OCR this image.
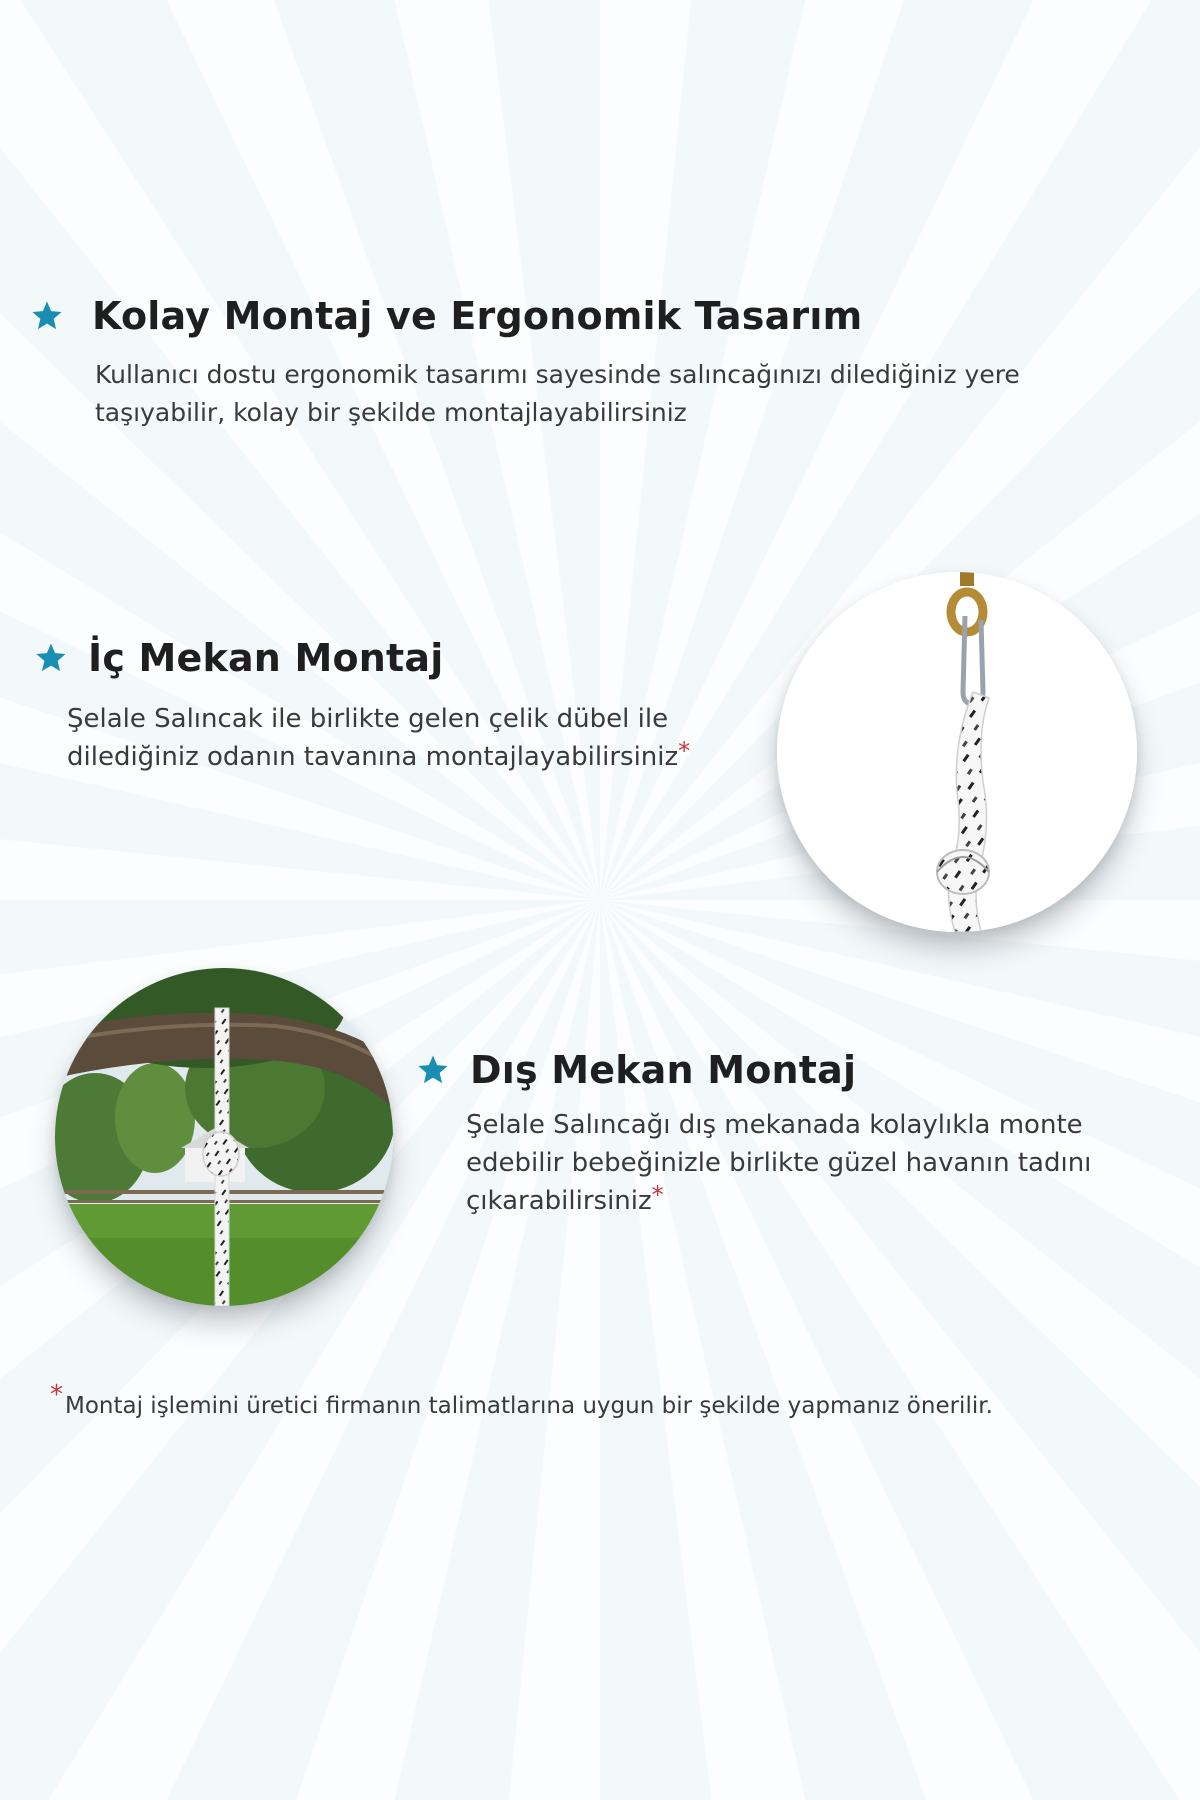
Kolay Montaj ve Ergonomik Tasarım
Kullanıcı dostu ergonomik tasarımı sayesinde salıncağınızı dilediğiniz yere
taşıyabilir, kolay bir şekilde montajlayabilirsiniz
İç Mekan Montaj
Şelale Salıncak ile birlikte gelen çelik dübel ile
dilediğiniz odanın tavanına montajlayabilirsiniz*
Dış Mekan Montaj
Şelale Salıncağı dış mekanada kolaylıkla monte
edebilir bebeğinizle birlikte güzel havanın tadını
çıkarabilirsiniz*
*Montaj işlemini üretici firmanın talimatlarına uygun bir şekilde yapmanız önerilir.
